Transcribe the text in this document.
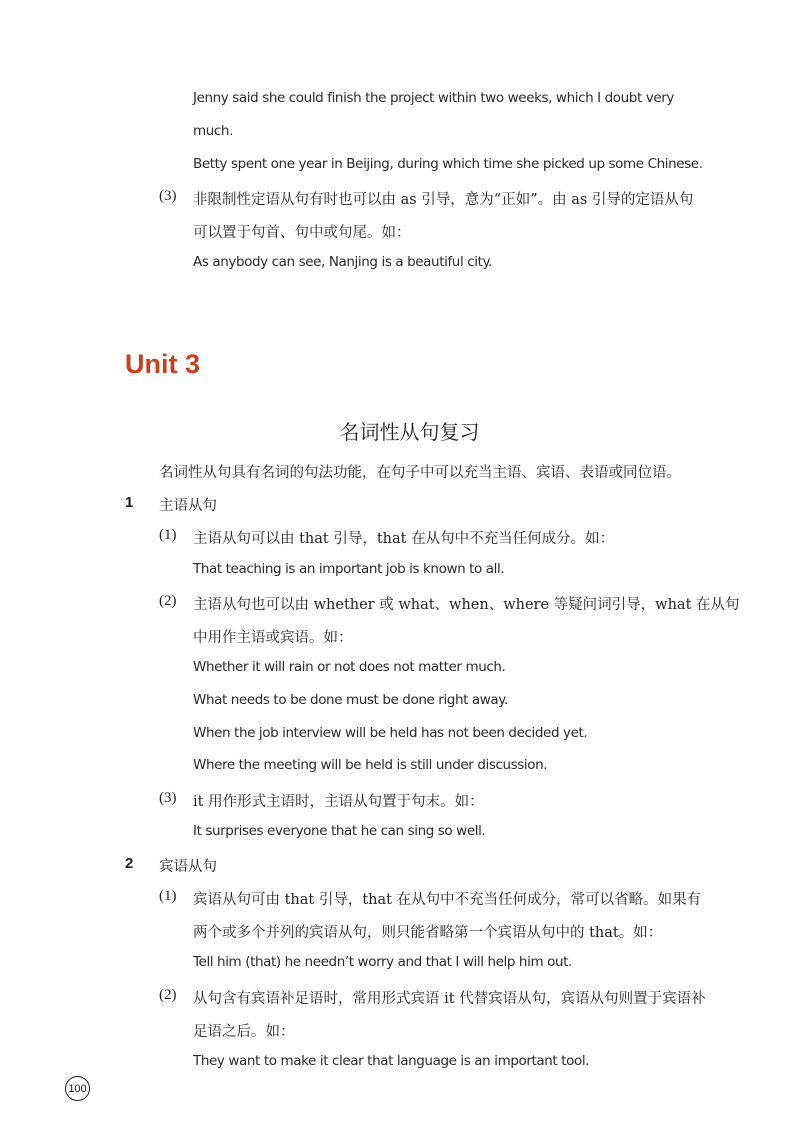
Jenny said she could finish the project within two weeks, which I doubt very
much.
Betty spent one year in Beijing, during which time she picked up some Chinese.
(3) 非限制性定语从句有时也可以由 as 引导，意为“正如”。由 as 引导的定语从句
可以置于句首、句中或句尾。如：
As anybody can see, Nanjing is a beautiful city.
Unit 3
名词性从句复习
名词性从句具有名词的句法功能，在句子中可以充当主语、宾语、表语或同位语。
1 主语从句
(1) 主语从句可以由 that 引导，that 在从句中不充当任何成分。如：
That teaching is an important job is known to all.
(2) 主语从句也可以由 whether 或 what、when、where 等疑问词引导，what 在从句
中用作主语或宾语。如：
Whether it will rain or not does not matter much.
What needs to be done must be done right away.
When the job interview will be held has not been decided yet.
Where the meeting will be held is still under discussion.
(3) it 用作形式主语时，主语从句置于句末。如：
It surprises everyone that he can sing so well.
2 宾语从句
(1) 宾语从句可由 that 引导，that 在从句中不充当任何成分，常可以省略。如果有
两个或多个并列的宾语从句，则只能省略第一个宾语从句中的 that。如：
Tell him (that) he needn’t worry and that I will help him out.
(2) 从句含有宾语补足语时，常用形式宾语 it 代替宾语从句，宾语从句则置于宾语补
足语之后。如：
They want to make it clear that language is an important tool.
100
